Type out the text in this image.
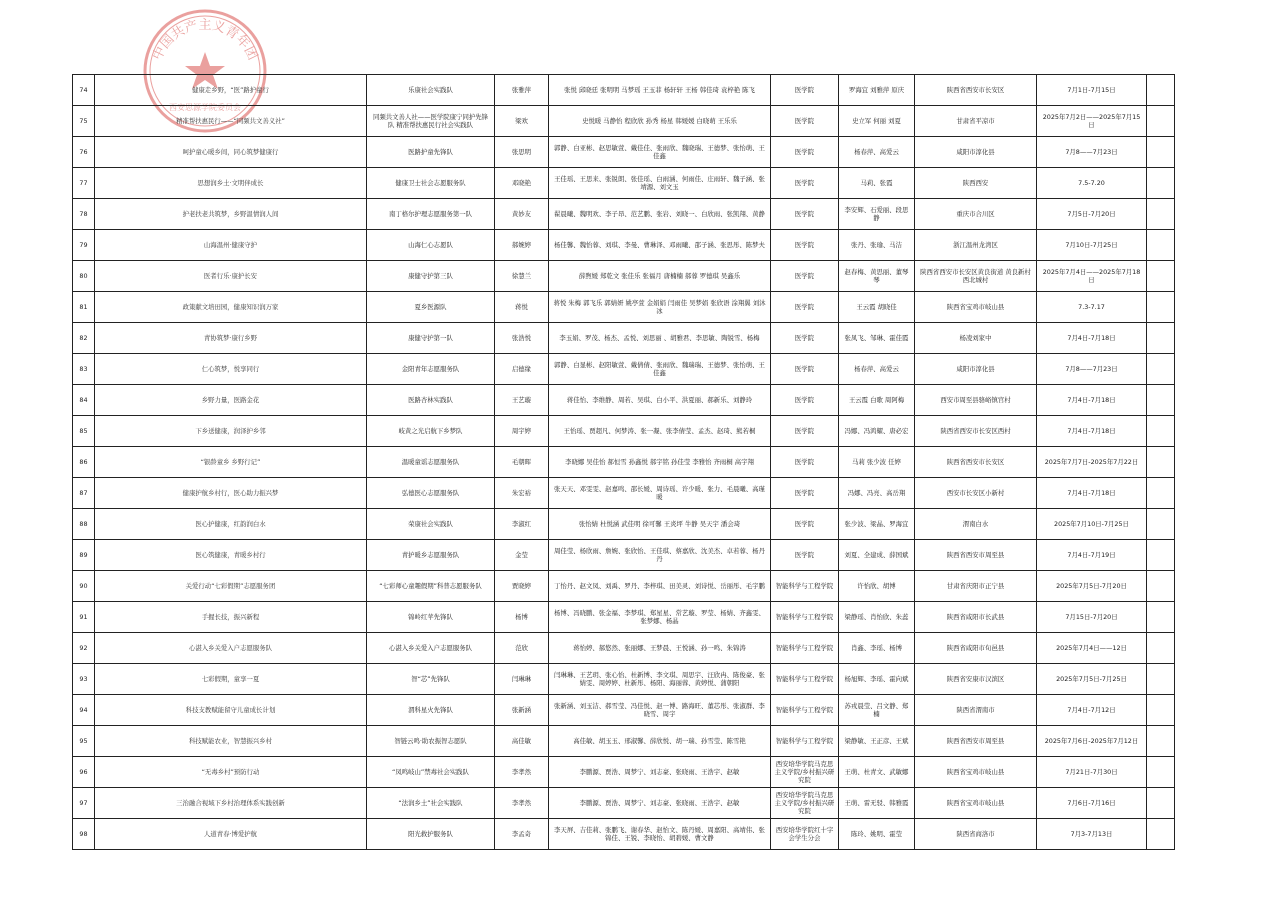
中国共产主义青年团
西安思源学院委员会
74	健康走乡野，“医”路护童行	乐康社会实践队	张雅萍	张悦 邱晓廷 张明明 马梦瑶 王玉菲 杨轩轩 王杨 韩佳琦 袁梓艳 陈飞	医学院	罗海宜 刘雅萍 原庆	陕西省西安市长安区	7月1日-7月15日	
75	精准帮扶惠民行——“同频共文善义社”	同频共文善人社——医学院康宁同护先锋队 精准帮扶惠民行社会实践队	梁欢	史悦暖 马静怡 程欣欣 孙秀 杨星 韩媛媛 白晓萌 王乐乐	医学院	史立军 何丽 刘夏	甘肃省平凉市	2025年7月2日——2025年7月15日	
76	呵护童心暖乡间，同心筑梦健康行	医路护童先锋队	张思明	郭静、白亚彬、赵思敏萱、戴佳佳、张雨欣、魏晓瑞、王德梦、张怡萌、王佳鑫	医学院	杨春萍、高爱云	咸阳市淳化县	7月8——7月23日	
77	思想润乡土·文明伴成长	健康卫士社会志愿服务队	邓晓艳	王佳瑶、王思来、张锐朗、张佳瑶、白雨涵、何雨佳、庄雨轩、魏子涵、张靖源、刘文玉	医学院	马莉、张霞	陕西西安	7.5-7.20	
78	护老扶老共筑梦，乡野温情润人间	南丁格尔护理志愿服务第一队	黄妙友	翟晨曦、魏明欢、李子昂、范艺鹏、张岩、刘晓一、白欣雨、张凯翔、黄静	医学院	李安辉、石爱丽、段思静	重庆市合川区	7月5日-7月20日	
79	山海温州·健康守护	山海仁心志愿队	郝婉婷	杨佳馨、魏怡蓉、刘琪、李曼、曹琳泽、邓雨曦、邵子涵、张思彤、陈梦夫	医学院	张丹、张瑜、马洁	浙江温州龙湾区	7月10日-7月25日	
80	医者行乐·康护长安	康健守护第三队	徐慧兰	薛煦媛 郑乾文 张佳乐 张福月 唐楠楠 郝蓉 罗德琪 吴鑫乐	医学院	赵春梅、黄思丽、董琴琴	陕西省西安市长安区黄良街道 黄良新村 西北城村	2025年7月4日——2025年7月18日	
81	政策献文培田园，健康知识润万家	夏乡医源队	蒋悦	蒋悦 朱梅 郭飞乐 郭婧妍 姚亭萱 金娟娟 闫雨佳 吴梦娟 张欣语 涂翔翼 刘沐冰	医学院	王云霞 胡晓佳	陕西省宝鸡市岐山县	7.3-7.17	
82	青协筑梦·康行乡野	康健守护第一队	张浩悦	李玉娟、罗茂、杨杰、孟悦、刘思丽 、胡雅君、李思敏、陶锐雪、杨梅	医学院	张凤飞、邹琳、霍佳霞	杨凌刘家中	7月4日-7月18日	
83	仁心筑梦，悦享同行	金阳青年志愿服务队	启德缘	郭静、白显彬、赵阳敏萱、戴倩倩、张雨欣、魏瑞瑞、王德梦、张怡萌、王佳鑫	医学院	杨春萍、高爱云	咸阳市淳化县	7月8——7月23日	
84	乡野力量，医路金花	医路杏林实践队	王艺璇	蒋佳怡、李维静、周若、吴琪、白小平、洪夏丽、郝新乐、刘静玲	医学院	王云霞 白歌 周阿梅	西安市周至县骆峪镇官村	7月4日-7月18日	
85	下乡送健康，润泽护乡邻	岐黄之光启航下乡梦队	周宇婷	王怡瑶、贾超凡、何梦涛、张一凝、张李倩莹、孟杰、赵琦、熊若桐	医学院	冯娜、冯鸿耀、唐必宏	陕西省西安市长安区西村	7月4日-7月18日	
86	“银龄童乡 乡野行记”	温暖童谣志愿服务队	毛朝晖	李晓娜 吴佳怡 郝恒雪 孙鑫悦 郝宇铭 孙佳莹 李雅怡 齐雨桐 高宇翔	医学院	马莉 张少波 任婷	陕西省西安市长安区	2025年7月7日-2025年7月22日	
87	健康护航乡村行，医心助力振兴梦	弘德医心志愿服务队	朱宏裕	张天天、邓雯雯、赵嘉鸣、邵长媛、周诗瑶、许少暖、张力、毛晨曦、高瑾暖	医学院	冯娜、冯亮、高岳翔	西安市长安区小新村	7月4日-7月18日	
88	医心护健康，红韵润白水	荣康社会实践队	李淑红	张怡婧 杜悦涵 武佳明 徐可馨 王炎坪 牛静 吴天宇 潘会琦	医学院	张少波、梁晶、罗海宜	渭南白水	2025年7月10日-7月25日	
89	医心筑健康，青暖乡村行	青护暖乡志愿服务队	金莹	周佳莹、杨欣雨、詹婉、张欣怡、王佳琪、蔡嘉欣、沈美杰、卓若蓉、杨丹丹	医学院	刘夏、全建成、薛国斌	陕西省西安市周至县	7月4日-7月19日	
90	关爱行动“七彩假期”志愿服务团	“七彩师心童趣假期”科普志愿服务队	贾晓婷	丁怡丹、赵文凤、刘禹、罗丹、李梓琪、田美灵、刘诗悦、岳丽彤、毛宇鹏	智能科学与工程学院	许怡欣、胡博	甘肃省庆阳市正宁县	2025年7月5日-7月20日	
91	手握长技，振兴新程	锦岭红苹先锋队	杨博	杨博、冯晓鹏、张金福、李梦琪、郑星星、常艺璇、罗莹、杨婧、齐鑫雯、张梦娜、杨晶	智能科学与工程学院	梁静瑶、肖怡欣、朱蕊	陕西省咸阳市长武县	7月15日-7月20日	
92	心湛入乡关爱入户志愿服务队	心湛入乡关爱入户志愿服务队	范欣	蒋怡婷、郝悠然、张丽娜、王梦晨、王悦涵、孙一鸣、朱锦涛	智能科学与工程学院	肖鑫、李瑶、杨博	陕西省咸阳市旬邑县	2025年7月4日——12日	
93	七彩假期，童享一夏	智“芯”先锋队	闫琳琳	闫琳琳、王艺玥、张心怡、杜新博、李文琪、周思宇、汪欣冉、陈俊豪、张婧雯、周婷婷、杜新彤、杨阳、海丽蓉、黄婷悦、蒲朝阳	智能科学与工程学院	杨旭辉、李瑶、霍向斌	陕西省安康市汉滨区	2025年7月5日-7月25日	
94	科技支教赋能留守儿童成长计划	渭科星火先锋队	张新涵	张新涵、刘玉洁、郝雪莹、冯佳悦、赵一博、路海旺、董芯彤、张淑群、李晓雪、周宇	智能科学与工程学院	苏戎晨莹、吕文静、郑楠	陕西省渭南市	7月4日-7月12日	
95	科技赋能农业，智慧振兴乡村	智链云鸣·助农振智志愿队	高佳敏	高佳敏、胡玉玉、邢淑馨、薛欣悦、胡一瑞、孙雪莹、陈雪艳	智能科学与工程学院	梁静敏、王正彦、王斌	陕西省西安市周至县	2025年7月6日-2025年7月12日	
96	“无毒乡村”预防行动	“凤鸣岐山”禁毒社会实践队	李孝然	李鹏源、贾浩、周梦宁、刘志豪、张晓雨、王浩宇、赵敏	西安培华学院马克思主义学院/乡村振兴研究院	王萌、杜青文、武敏娜	陕西省宝鸡市岐山县	7月21日-7月30日	
97	三治融合视域下乡村治理体系实践创新	“法润乡土”社会实践队	李孝然	李鹏源、贾浩、周梦宁、刘志豪、张晓雨、王浩宇、赵敏	西安培华学院马克思主义学院/乡村振兴研究院	王萌、雷无驳、韩雅霞	陕西省宝鸡市岐山县	7月6日-7月16日	
98	人道青春·博爱护航	阳光救护服务队	李孟奇	李天屏、吉佳莉、张鹏飞、谢春华、赵怡文、陈丹媛、周嘉阳、高靖伟、张锦佳、王锐、李晓怡、胡碧媛、曹文静	西安培华学院红十字会学生分会	陈玲、姚明、霍莹	陕西省商洛市	7月3-7月13日	
